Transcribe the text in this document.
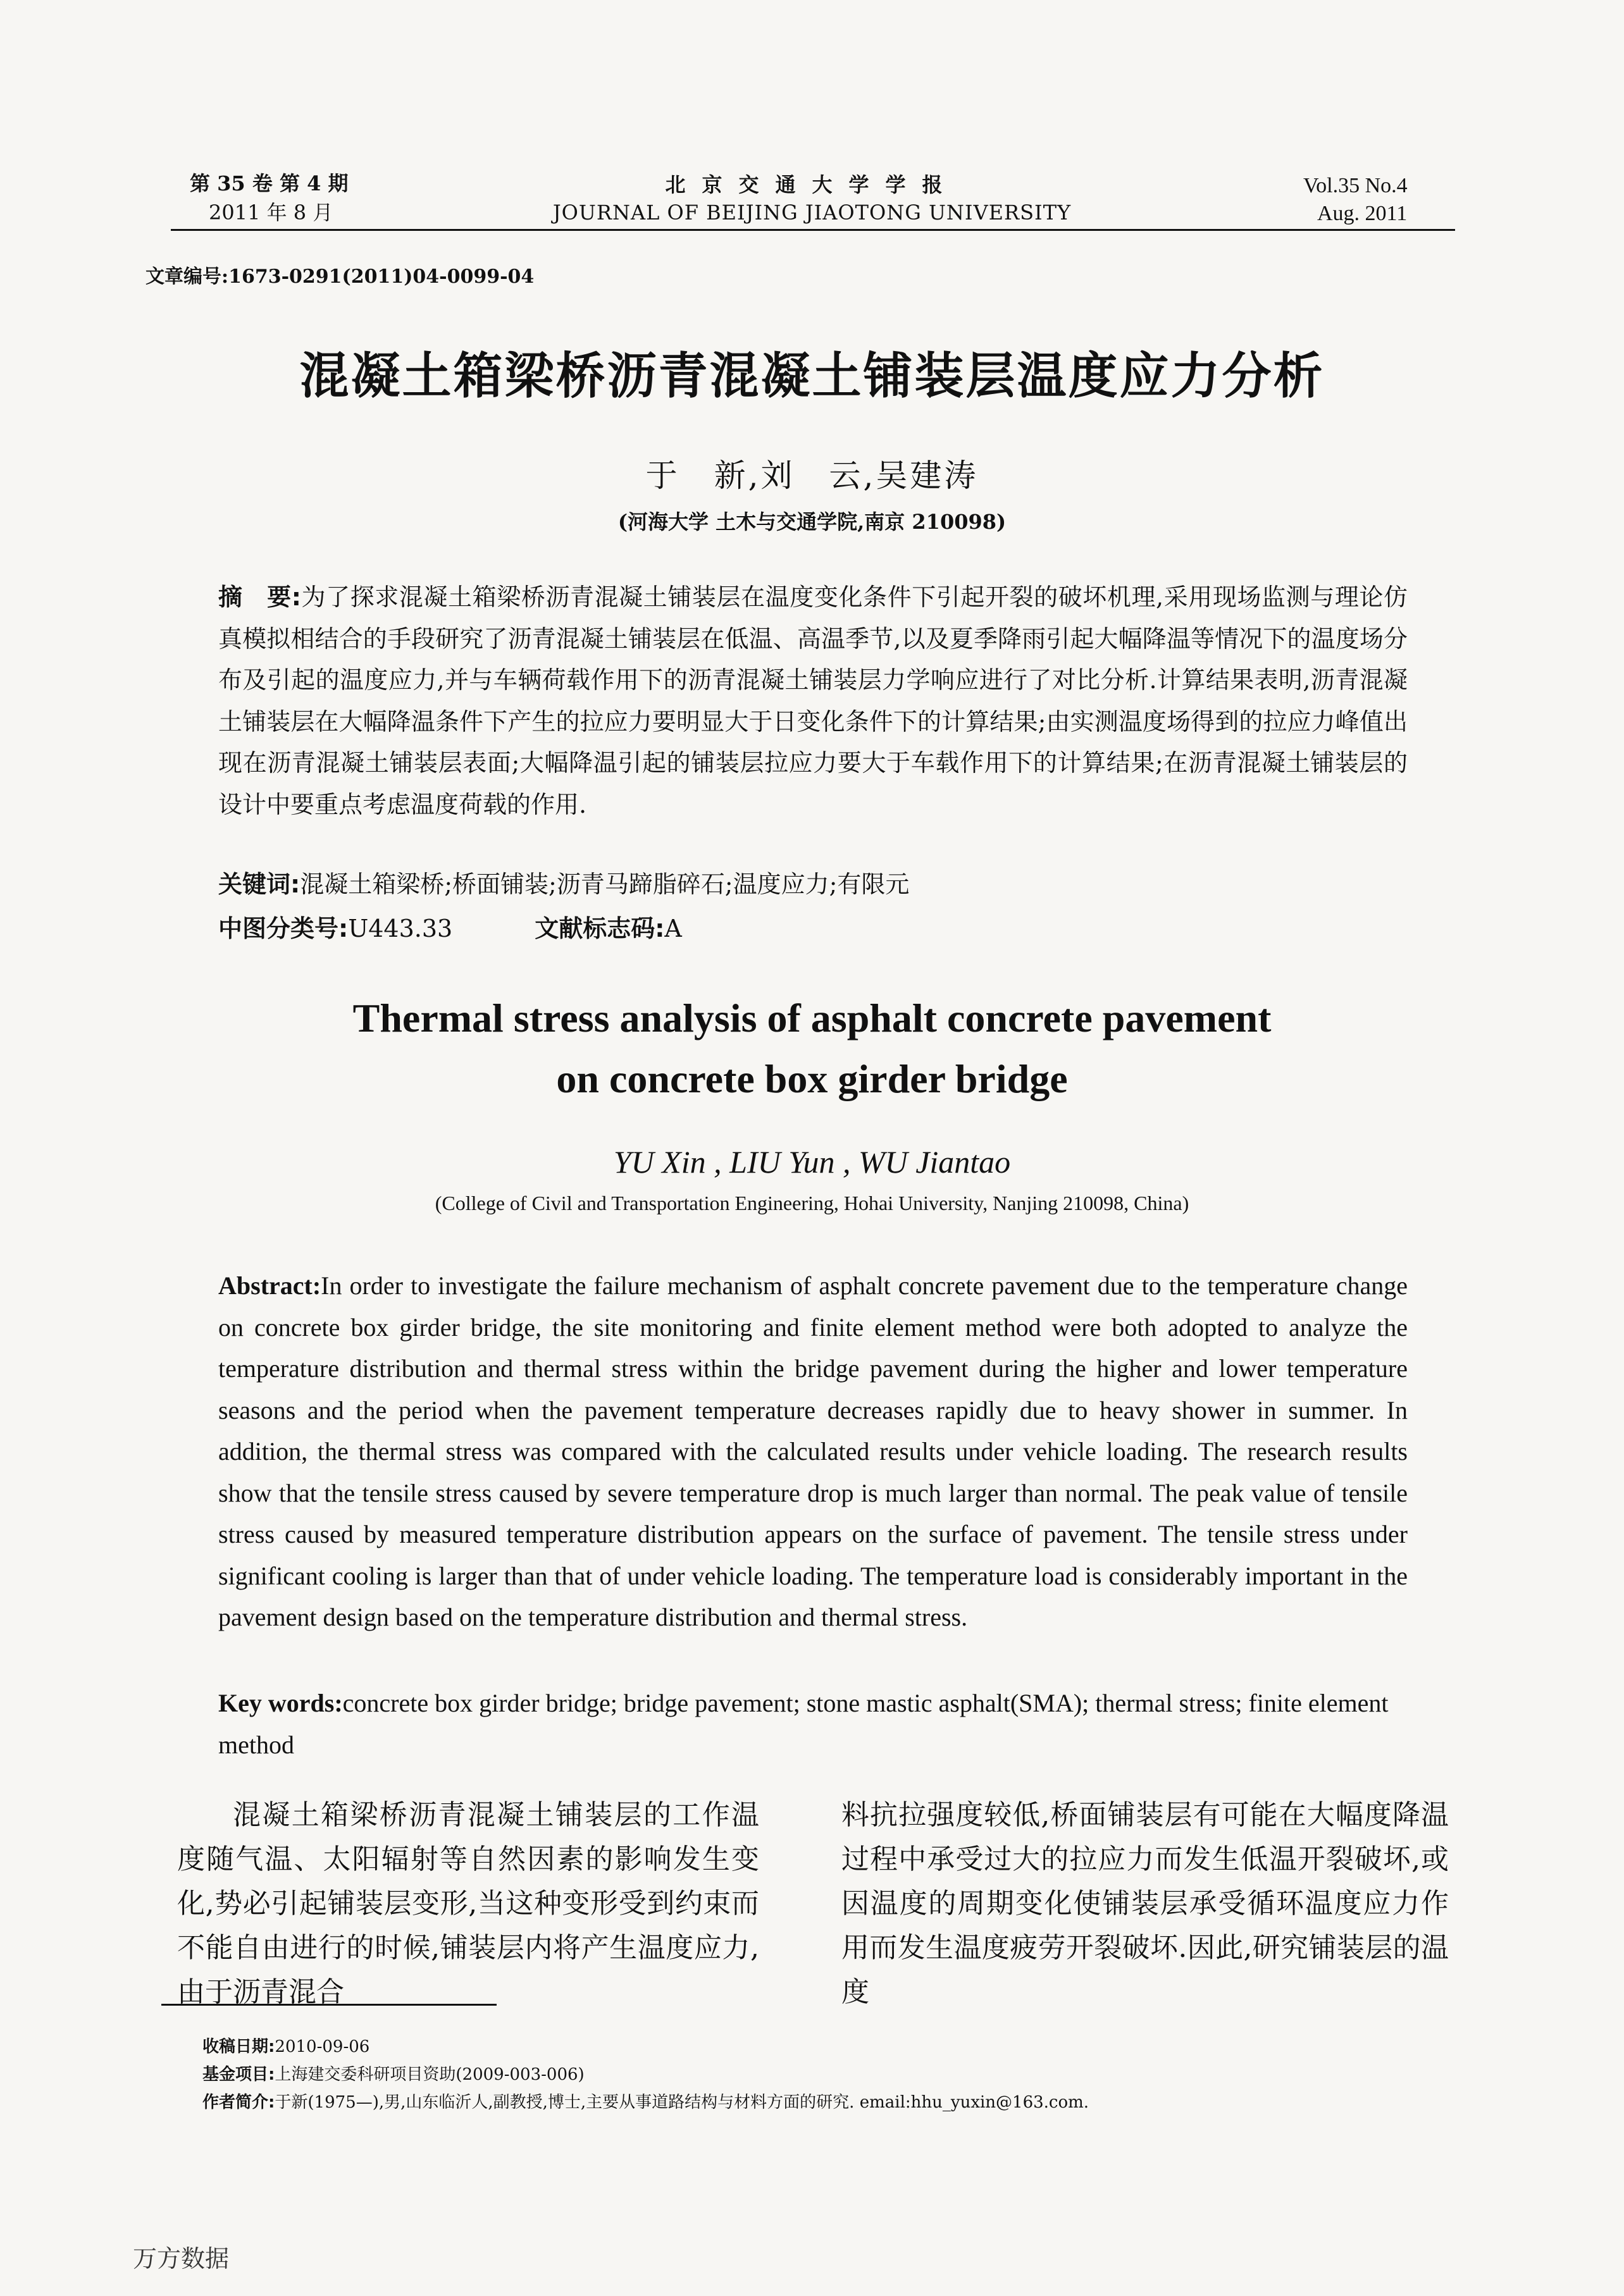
第 35 卷 第 4 期
2011 年 8 月
北京交通大学学报
JOURNAL OF BEIJING JIAOTONG UNIVERSITY
Vol.35 No.4
Aug. 2011
文章编号:1673-0291(2011)04-0099-04
混凝土箱梁桥沥青混凝土铺装层温度应力分析
于　新,刘　云,吴建涛
(河海大学 土木与交通学院,南京 210098)
摘　要:为了探求混凝土箱梁桥沥青混凝土铺装层在温度变化条件下引起开裂的破坏机理,采用现场监测与理论仿真模拟相结合的手段研究了沥青混凝土铺装层在低温、高温季节,以及夏季降雨引起大幅降温等情况下的温度场分布及引起的温度应力,并与车辆荷载作用下的沥青混凝土铺装层力学响应进行了对比分析.计算结果表明,沥青混凝土铺装层在大幅降温条件下产生的拉应力要明显大于日变化条件下的计算结果;由实测温度场得到的拉应力峰值出现在沥青混凝土铺装层表面;大幅降温引起的铺装层拉应力要大于车载作用下的计算结果;在沥青混凝土铺装层的设计中要重点考虑温度荷载的作用.
关键词:混凝土箱梁桥;桥面铺装;沥青马蹄脂碎石;温度应力;有限元
中图分类号:U443.33	文献标志码:A
Thermal stress analysis of asphalt concrete pavement
on concrete box girder bridge
YU Xin , LIU Yun , WU Jiantao
(College of Civil and Transportation Engineering, Hohai University, Nanjing 210098, China)
Abstract:In order to investigate the failure mechanism of asphalt concrete pavement due to the temperature change on concrete box girder bridge, the site monitoring and finite element method were both adopted to analyze the temperature distribution and thermal stress within the bridge pavement during the higher and lower temperature seasons and the period when the pavement temperature decreases rapidly due to heavy shower in summer. In addition, the thermal stress was compared with the calculated results under vehicle loading. The research results show that the tensile stress caused by severe temperature drop is much larger than normal. The peak value of tensile stress caused by measured temperature distribution appears on the surface of pavement. The tensile stress under significant cooling is larger than that of under vehicle loading. The temperature load is considerably important in the pavement design based on the temperature distribution and thermal stress.
Key words:concrete box girder bridge; bridge pavement; stone mastic asphalt(SMA); thermal stress; finite element method
混凝土箱梁桥沥青混凝土铺装层的工作温度随气温、太阳辐射等自然因素的影响发生变化,势必引起铺装层变形,当这种变形受到约束而不能自由进行的时候,铺装层内将产生温度应力,由于沥青混合
料抗拉强度较低,桥面铺装层有可能在大幅度降温过程中承受过大的拉应力而发生低温开裂破坏,或因温度的周期变化使铺装层承受循环温度应力作用而发生温度疲劳开裂破坏.因此,研究铺装层的温度
收稿日期:2010-09-06
基金项目:上海建交委科研项目资助(2009-003-006)
作者简介:于新(1975—),男,山东临沂人,副教授,博士,主要从事道路结构与材料方面的研究. email:hhu_yuxin@163.com.
万方数据
